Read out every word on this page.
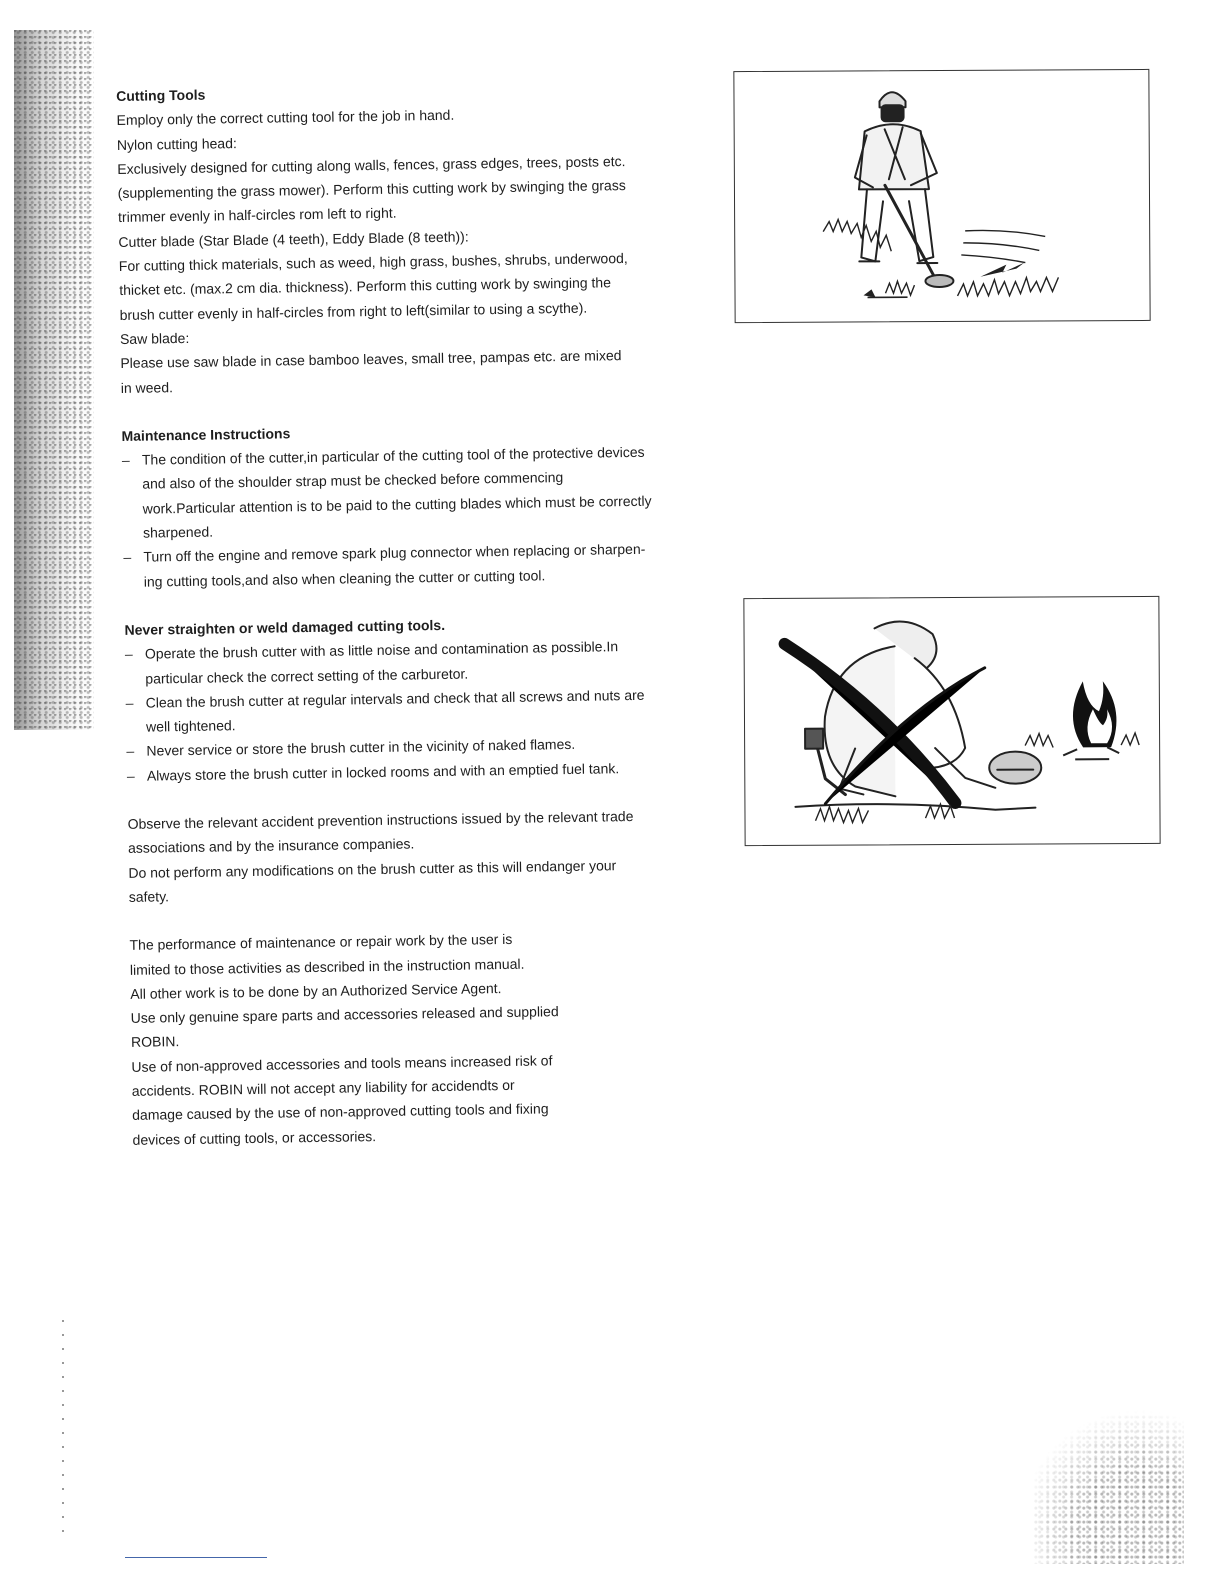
Cutting Tools

Employ only the correct cutting tool for the job in hand.

Nylon cutting head:

Exclusively designed for cutting along walls, fences, grass edges, trees, posts etc.

(supplementing the grass mower). Perform this cutting work by swinging the grass

trimmer evenly in half-circles rom left to right.

Cutter blade (Star Blade (4 teeth), Eddy Blade (8 teeth)):

For cutting thick materials, such as weed, high grass, bushes, shrubs, underwood,

thicket etc. (max.2 cm dia. thickness). Perform this cutting work by swinging the

brush cutter evenly in half-circles from right to left(similar to using a scythe).

Saw blade:

Please use saw blade in case bamboo leaves, small tree, pampas etc. are mixed

in weed.

Maintenance Instructions

– The condition of the cutter,in particular of the cutting tool of the protective devices

and also of the shoulder strap must be checked before commencing

work.Particular attention is to be paid to the cutting blades which must be correctly

sharpened.

– Turn off the engine and remove spark plug connector when replacing or sharpen-

ing cutting tools,and also when cleaning the cutter or cutting tool.

Never straighten or weld damaged cutting tools.

– Operate the brush cutter with as little noise and contamination as possible.In

particular check the correct setting of the carburetor.

– Clean the brush cutter at regular intervals and check that all screws and nuts are

well tightened.

– Never service or store the brush cutter in the vicinity of naked flames.

– Always store the brush cutter in locked rooms and with an emptied fuel tank.

Observe the relevant accident prevention instructions issued by the relevant trade

associations and by the insurance companies.

Do not perform any modifications on the brush cutter as this will endanger your

safety.

The performance of maintenance or repair work by the user is

limited to those activities as described in the instruction manual.

All other work is to be done by an Authorized Service Agent.

Use only genuine spare parts and accessories released and supplied

ROBIN.

Use of non-approved accessories and tools means increased risk of

accidents. ROBIN will not accept any liability for accidendts or

damage caused by the use of non-approved cutting tools and fixing

devices of cutting tools, or accessories.
